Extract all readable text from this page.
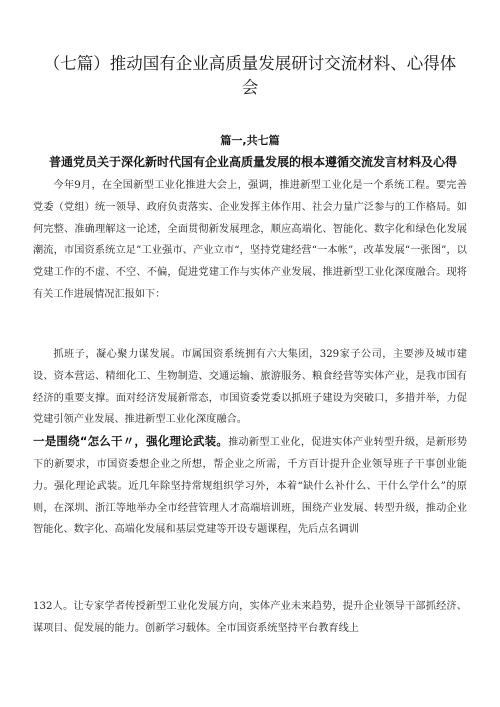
（七篇）推动国有企业高质量发展研讨交流材料、心得体会
篇一,共七篇
普通党员关于深化新时代国有企业高质量发展的根本遵循交流发言材料及心得
今年9月，在全国新型工业化推进大会上，强调，推进新型工业化是一个系统工程。要完善党委（党组）统一领导、政府负责落实、企业发挥主体作用、社会力量广泛参与的工作格局。如何完整、准确理解这一论述，全面贯彻新发展理念，顺应高端化、智能化、数字化和绿色化发展潮流，市国资系统立足”工业强市、产业立市“，坚持党建经营“一本帐”，改革发展“一张图”，以党建工作的不虚、不空、不偏，促进党建工作与实体产业发展、推进新型工业化深度融合。现将有关工作进展情况汇报如下：
抓班子，凝心聚力谋发展。市属国资系统拥有六大集团，329家子公司，主要涉及城市建设、资本营运、精细化工、生物制造、交通运输、旅游服务、粮食经营等实体产业，是我市国有经济的重要支撑。面对经济发展新常态，市国资委党委以抓班子建设为突破口，多措并举，力促党建引领产业发展、推进新型工业化深度融合。
一是围绕“怎么干〃，强化理论武装。推动新型工业化，促进实体产业转型升级，是新形势下的新要求，市国资委想企业之所想，帮企业之所需，千方百计提升企业领导班子干事创业能力。强化理论武装。近几年除坚持常规组织学习外，本着“缺什么补什么、干什么学什么”的原则，在深圳、浙江等地举办全市经营管理人才高端培训班，围绕产业发展、转型升级，推动企业智能化、数字化、高端化发展和基层党建等开设专题课程，先后点名调训
132人。让专家学者传授新型工业化发展方向，实体产业未来趋势，提升企业领导干部抓经济、谋项目、促发展的能力。创新学习载体。全市国资系统坚持平台教育线上
